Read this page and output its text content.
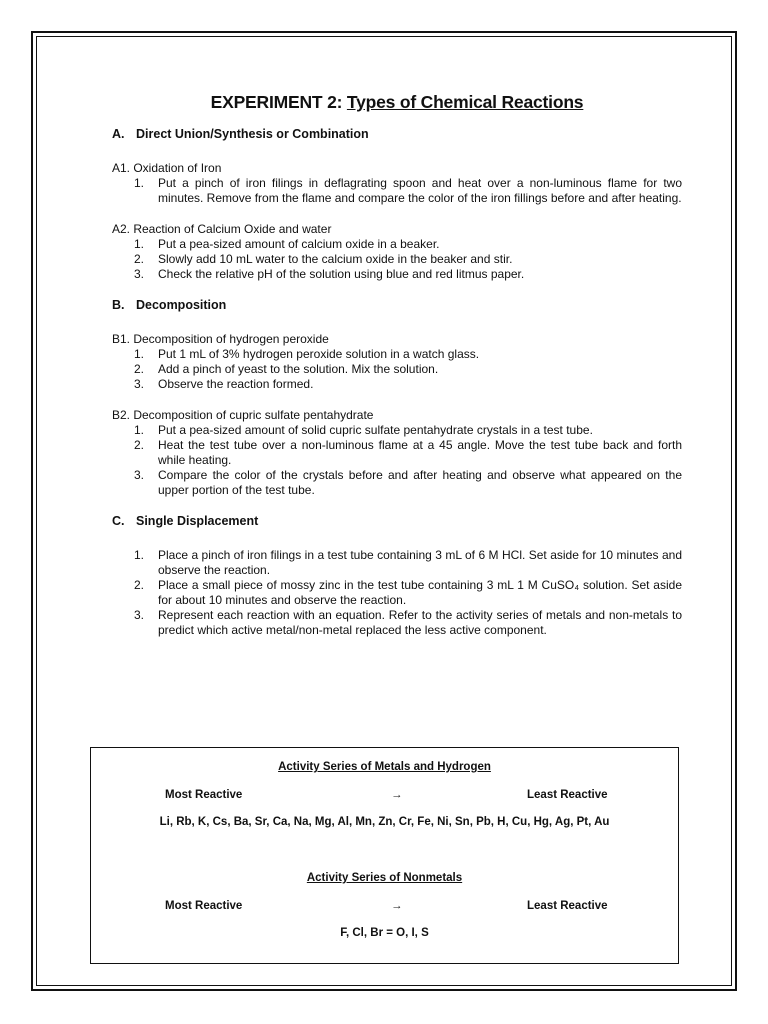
EXPERIMENT 2: Types of Chemical Reactions
A. Direct Union/Synthesis or Combination

A1. Oxidation of Iron

1.	Put a pinch of iron filings in deflagrating spoon and heat over a non-luminous flame for two minutes. Remove from the flame and compare the color of the iron fillings before and after heating.

A2. Reaction of Calcium Oxide and water

1.	Put a pea-sized amount of calcium oxide in a beaker.
2.	Slowly add 10 mL water to the calcium oxide in the beaker and stir.
3.	Check the relative pH of the solution using blue and red litmus paper.
B. Decomposition

B1. Decomposition of hydrogen peroxide

1.	Put 1 mL of 3% hydrogen peroxide solution in a watch glass.
2.	Add a pinch of yeast to the solution. Mix the solution.
3.	Observe the reaction formed.

B2. Decomposition of cupric sulfate pentahydrate

1.	Put a pea-sized amount of solid cupric sulfate pentahydrate crystals in a test tube.
2.	Heat the test tube over a non-luminous flame at a 45 angle. Move the test tube back and forth while heating.
3.	Compare the color of the crystals before and after heating and observe what appeared on the upper portion of the test tube.
C. Single Displacement
1.	Place a pinch of iron filings in a test tube containing 3 mL of 6 M HCl. Set aside for 10 minutes and observe the reaction.
2.	Place a small piece of mossy zinc in the test tube containing 3 mL 1 M CuSO₄ solution. Set aside for about 10 minutes and observe the reaction.
3.	Represent each reaction with an equation. Refer to the activity series of metals and non-metals to predict which active metal/non-metal replaced the less active component.
Activity Series of Metals and Hydrogen
Most Reactive	→	Least Reactive
Li, Rb, K, Cs, Ba, Sr, Ca, Na, Mg, Al, Mn, Zn, Cr, Fe, Ni, Sn, Pb, H, Cu, Hg, Ag, Pt, Au
Activity Series of Nonmetals
Most Reactive	→	Least Reactive
F, Cl, Br = O, I, S
